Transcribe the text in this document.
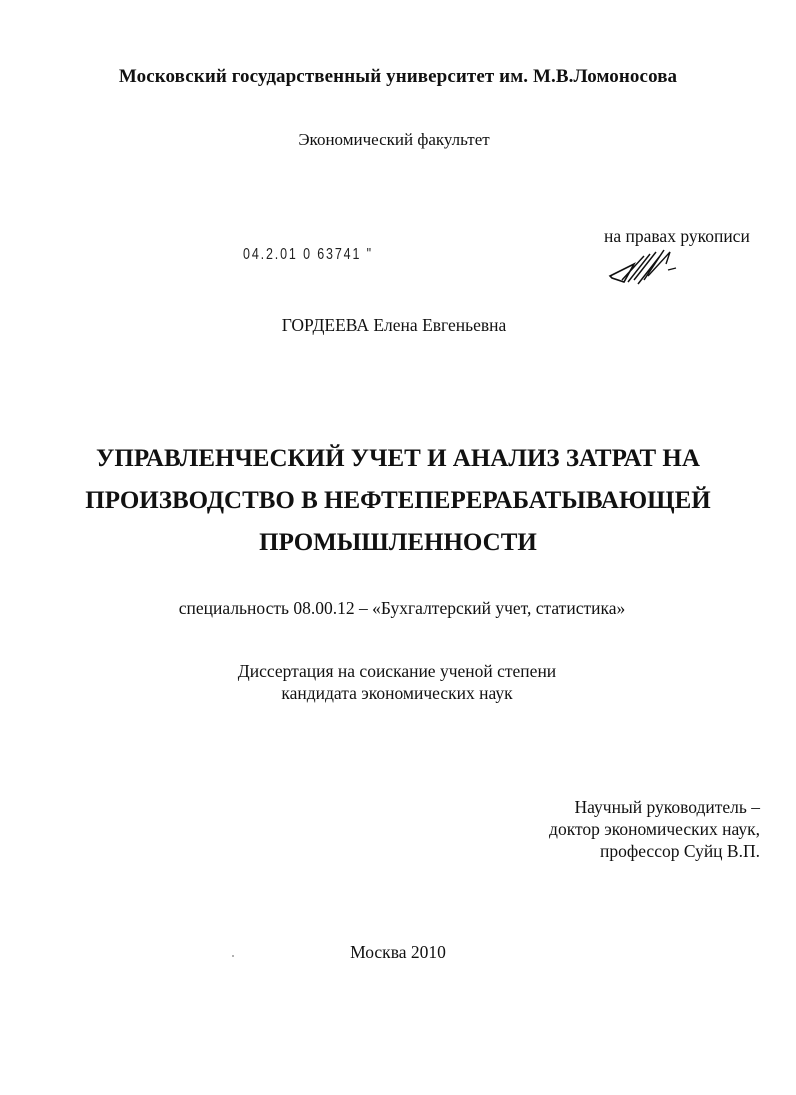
Московский государственный университет им. М.В.Ломоносова
Экономический факультет
на правах рукописи
04.2.01 0 63741 "
ГОРДЕЕВА Елена Евгеньевна
УПРАВЛЕНЧЕСКИЙ УЧЕТ И АНАЛИЗ ЗАТРАТ НА
ПРОИЗВОДСТВО В НЕФТЕПЕРЕРАБАТЫВАЮЩЕЙ
ПРОМЫШЛЕННОСТИ
специальность 08.00.12 – «Бухгалтерский учет, статистика»
Диссертация на соискание ученой степени
кандидата экономических наук
Научный руководитель –
доктор экономических наук,
профессор Суйц В.П.
Москва 2010
